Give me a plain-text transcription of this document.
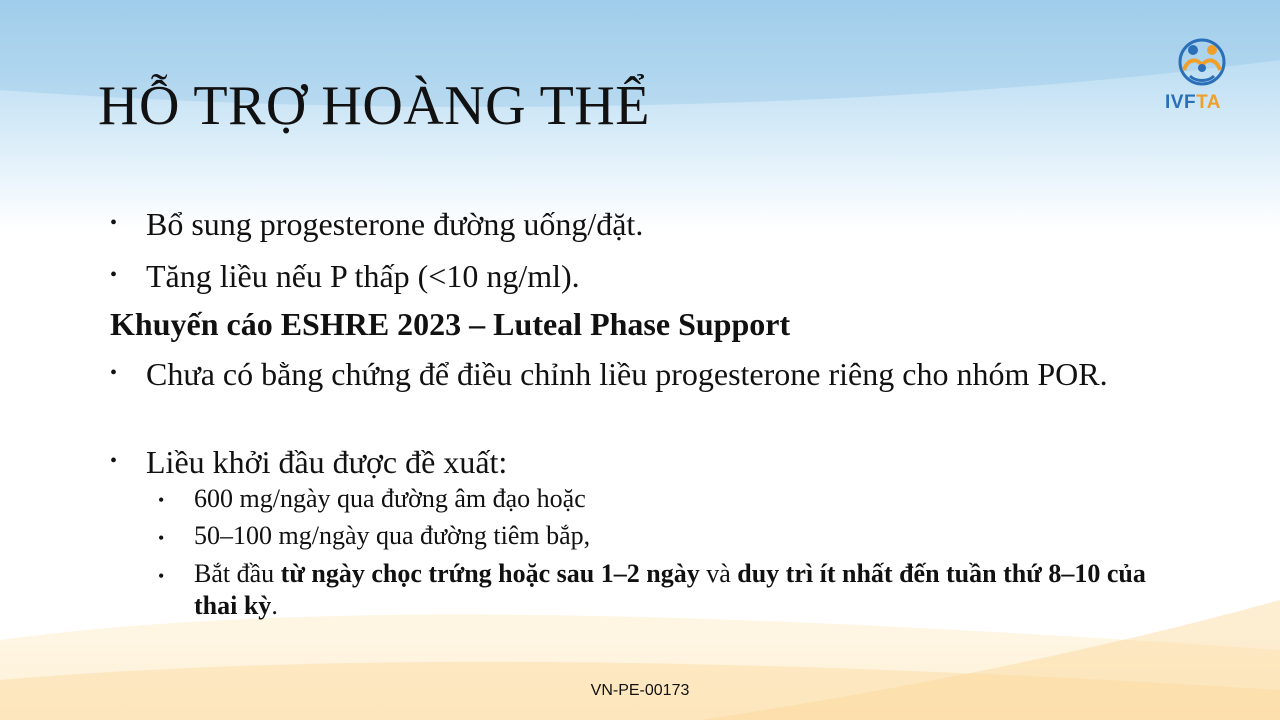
HỖ TRỢ HOÀNG THỂ	IVFTA
• Bổ sung progesterone đường uống/đặt.
• Tăng liều nếu P thấp (<10 ng/ml).
Khuyến cáo ESHRE 2023 – Luteal Phase Support
• Chưa có bằng chứng để điều chỉnh liều progesterone riêng cho nhóm POR.
• Liều khởi đầu được đề xuất:
• 600 mg/ngày qua đường âm đạo hoặc
• 50–100 mg/ngày qua đường tiêm bắp,
• Bắt đầu từ ngày chọc trứng hoặc sau 1–2 ngày và duy trì ít nhất đến tuần thứ 8–10 của thai kỳ.
VN-PE-00173
